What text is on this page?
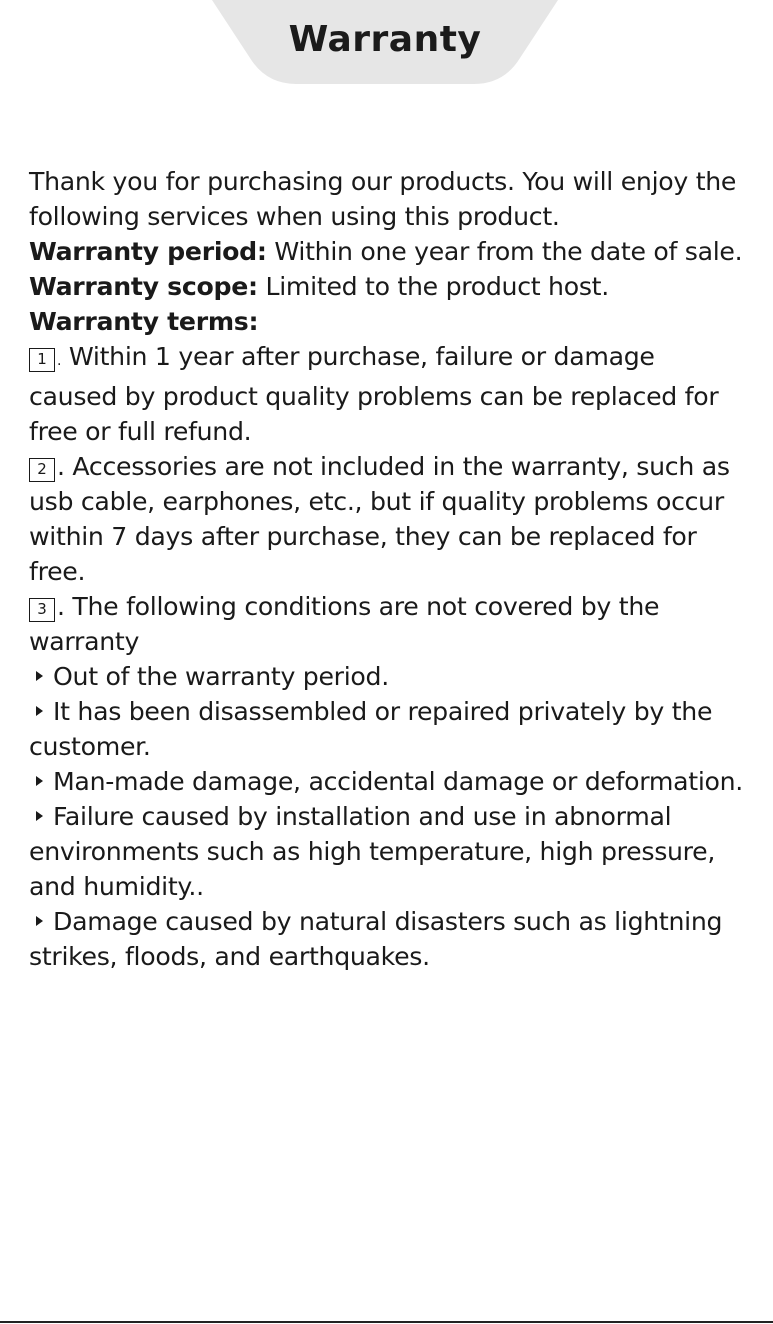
Warranty

Thank you for purchasing our products. You will enjoy the following services when using this product.

Warranty period: Within one year from the date of sale.

Warranty scope: Limited to the product host.

Warranty terms:

1 . Within 1 year after purchase, failure or damage caused by product quality problems can be replaced for free or full refund.

2 . Accessories are not included in the warranty, such as usb cable, earphones, etc., but if quality problems occur within 7 days after purchase, they can be replaced for free.

3 . The following conditions are not covered by the warranty

Out of the warranty period.

It has been disassembled or repaired privately by the customer.

Man-made damage, accidental damage or deformation.

Failure caused by installation and use in abnormal environments such as high temperature, high pressure, and humidity..

Damage caused by natural disasters such as lightning strikes, floods, and earthquakes.
